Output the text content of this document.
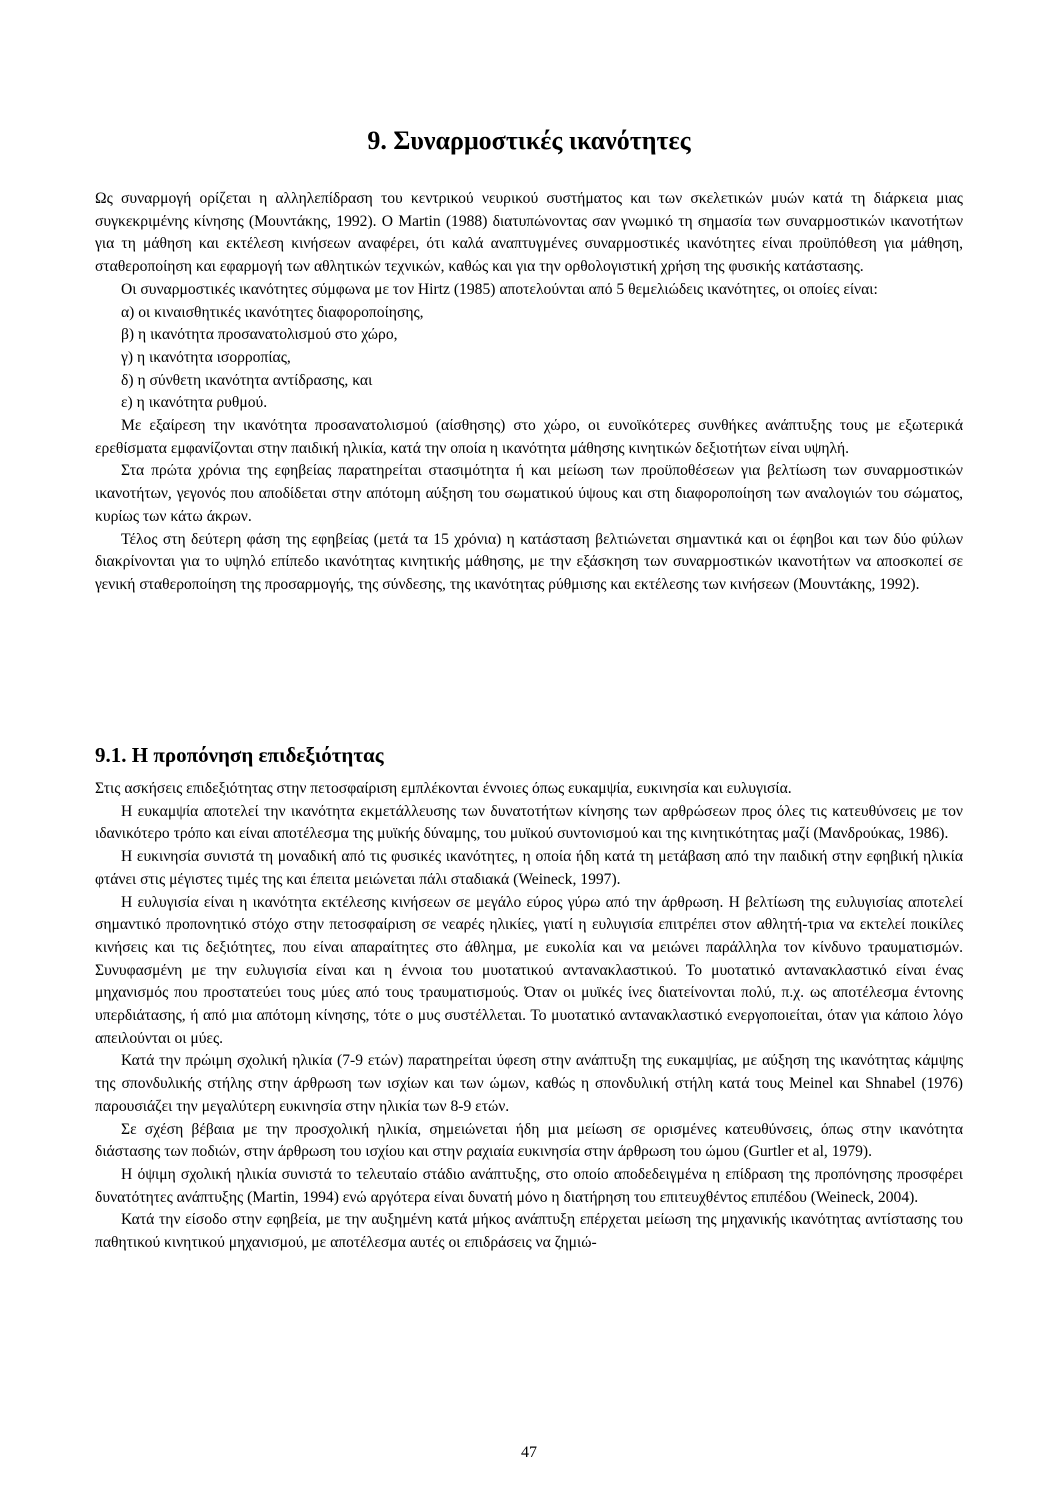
9. Συναρμοστικές ικανότητες

Ως συναρμογή ορίζεται η αλληλεπίδραση του κεντρικού νευρικού συστήματος και των σκελετικών μυών κατά τη διάρκεια μιας συγκεκριμένης κίνησης (Μουντάκης, 1992). Ο Martin (1988) διατυπώνοντας σαν γνωμικό τη σημασία των συναρμοστικών ικανοτήτων για τη μάθηση και εκτέλεση κινήσεων αναφέρει, ότι καλά αναπτυγμένες συναρμοστικές ικανότητες είναι προϋπόθεση για μάθηση, σταθεροποίηση και εφαρμογή των αθλητικών τεχνικών, καθώς και για την ορθολογιστική χρήση της φυσικής κατάστασης.

Οι συναρμοστικές ικανότητες σύμφωνα με τον Hirtz (1985) αποτελούνται από 5 θεμελιώδεις ικανότητες, οι οποίες είναι:

α) οι κιναισθητικές ικανότητες διαφοροποίησης,

β) η ικανότητα προσανατολισμού στο χώρο,

γ) η ικανότητα ισορροπίας,

δ) η σύνθετη ικανότητα αντίδρασης, και

ε) η ικανότητα ρυθμού.

Με εξαίρεση την ικανότητα προσανατολισμού (αίσθησης) στο χώρο, οι ευνοϊκότερες συνθήκες ανάπτυξης τους με εξωτερικά ερεθίσματα εμφανίζονται στην παιδική ηλικία, κατά την οποία η ικανότητα μάθησης κινητικών δεξιοτήτων είναι υψηλή.

Στα πρώτα χρόνια της εφηβείας παρατηρείται στασιμότητα ή και μείωση των προϋποθέσεων για βελτίωση των συναρμοστικών ικανοτήτων, γεγονός που αποδίδεται στην απότομη αύξηση του σωματικού ύψους και στη διαφοροποίηση των αναλογιών του σώματος, κυρίως των κάτω άκρων.

Τέλος στη δεύτερη φάση της εφηβείας (μετά τα 15 χρόνια) η κατάσταση βελτιώνεται σημαντικά και οι έφηβοι και των δύο φύλων διακρίνονται για το υψηλό επίπεδο ικανότητας κινητικής μάθησης, με την εξάσκηση των συναρμοστικών ικανοτήτων να αποσκοπεί σε γενική σταθεροποίηση της προσαρμογής, της σύνδεσης, της ικανότητας ρύθμισης και εκτέλεσης των κινήσεων (Μουντάκης, 1992).

9.1. Η προπόνηση επιδεξιότητας

Στις ασκήσεις επιδεξιότητας στην πετοσφαίριση εμπλέκονται έννοιες όπως ευκαμψία, ευκινησία και ευλυγισία.

Η ευκαμψία αποτελεί την ικανότητα εκμετάλλευσης των δυνατοτήτων κίνησης των αρθρώσεων προς όλες τις κατευθύνσεις με τον ιδανικότερο τρόπο και είναι αποτέλεσμα της μυϊκής δύναμης, του μυϊκού συντονισμού και της κινητικότητας μαζί (Μανδρούκας, 1986).

Η ευκινησία συνιστά τη μοναδική από τις φυσικές ικανότητες, η οποία ήδη κατά τη μετάβαση από την παιδική στην εφηβική ηλικία φτάνει στις μέγιστες τιμές της και έπειτα μειώνεται πάλι σταδιακά (Weineck, 1997).

Η ευλυγισία είναι η ικανότητα εκτέλεσης κινήσεων σε μεγάλο εύρος γύρω από την άρθρωση. Η βελτίωση της ευλυγισίας αποτελεί σημαντικό προπονητικό στόχο στην πετοσφαίριση σε νεαρές ηλικίες, γιατί η ευλυγισία επιτρέπει στον αθλητή-τρια να εκτελεί ποικίλες κινήσεις και τις δεξιότητες, που είναι απαραίτητες στο άθλημα, με ευκολία και να μειώνει παράλληλα τον κίνδυνο τραυματισμών. Συνυφασμένη με την ευλυγισία είναι και η έννοια του μυοτατικού αντανακλαστικού. Το μυοτατικό αντανακλαστικό είναι ένας μηχανισμός που προστατεύει τους μύες από τους τραυματισμούς. Όταν οι μυϊκές ίνες διατείνονται πολύ, π.χ. ως αποτέλεσμα έντονης υπερδιάτασης, ή από μια απότομη κίνησης, τότε ο μυς συστέλλεται. Το μυοτατικό αντανακλαστικό ενεργοποιείται, όταν για κάποιο λόγο απειλούνται οι μύες.

Κατά την πρώιμη σχολική ηλικία (7-9 ετών) παρατηρείται ύφεση στην ανάπτυξη της ευκαμψίας, με αύξηση της ικανότητας κάμψης της σπονδυλικής στήλης στην άρθρωση των ισχίων και των ώμων, καθώς η σπονδυλική στήλη κατά τους Meinel και Shnabel (1976) παρουσιάζει την μεγαλύτερη ευκινησία στην ηλικία των 8-9 ετών.

Σε σχέση βέβαια με την προσχολική ηλικία, σημειώνεται ήδη μια μείωση σε ορισμένες κατευθύνσεις, όπως στην ικανότητα διάστασης των ποδιών, στην άρθρωση του ισχίου και στην ραχιαία ευκινησία στην άρθρωση του ώμου (Gurtler et al, 1979).

Η όψιμη σχολική ηλικία συνιστά το τελευταίο στάδιο ανάπτυξης, στο οποίο αποδεδειγμένα η επίδραση της προπόνησης προσφέρει δυνατότητες ανάπτυξης (Martin, 1994) ενώ αργότερα είναι δυνατή μόνο η διατήρηση του επιτευχθέντος επιπέδου (Weineck, 2004).

Κατά την είσοδο στην εφηβεία, με την αυξημένη κατά μήκος ανάπτυξη επέρχεται μείωση της μηχανικής ικανότητας αντίστασης του παθητικού κινητικού μηχανισμού, με αποτέλεσμα αυτές οι επιδράσεις να ζημιώ-

47
